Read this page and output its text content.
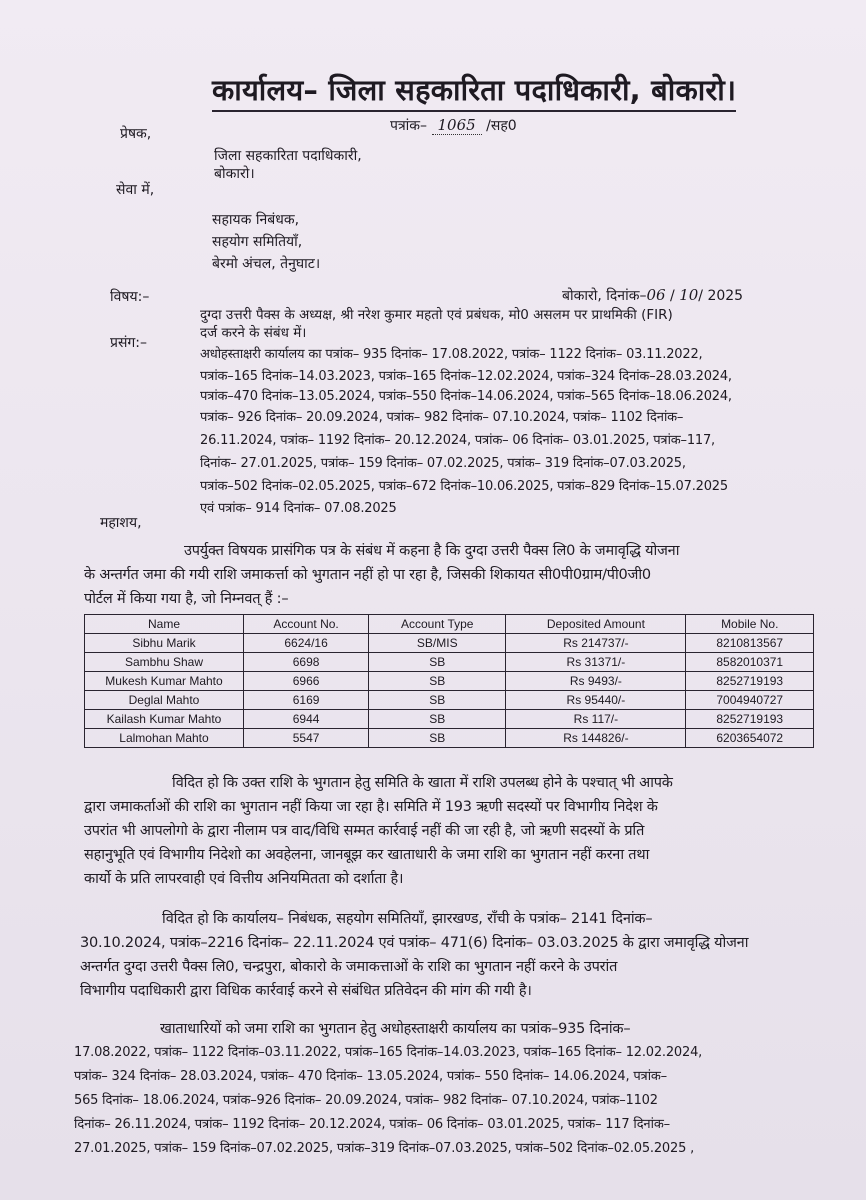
कार्यालय– जिला सहकारिता पदाधिकारी, बोकारो।
पत्रांक– 1065 /सह0
प्रेषक,
जिला सहकारिता पदाधिकारी,
बोकारो।
सेवा में,
सहायक निबंधक,
सहयोग समितियाँ,
बेरमो अंचल, तेनुघाट।
बोकारो, दिनांक–06 / 10/ 2025
विषय:–
दुग्दा उत्तरी पैक्स के अध्यक्ष, श्री नरेश कुमार महतो एवं प्रबंधक, मो0 असलम पर प्राथमिकी (FIR)
दर्ज करने के संबंध में।
प्रसंग:–
अधोहस्ताक्षरी कार्यालय का पत्रांक– 935 दिनांक– 17.08.2022, पत्रांक– 1122 दिनांक– 03.11.2022,
पत्रांक–165 दिनांक–14.03.2023, पत्रांक–165 दिनांक–12.02.2024, पत्रांक–324 दिनांक–28.03.2024,
पत्रांक–470 दिनांक–13.05.2024, पत्रांक–550 दिनांक–14.06.2024, पत्रांक–565 दिनांक–18.06.2024,
पत्रांक– 926 दिनांक– 20.09.2024, पत्रांक– 982 दिनांक– 07.10.2024, पत्रांक– 1102 दिनांक–
26.11.2024, पत्रांक– 1192 दिनांक– 20.12.2024, पत्रांक– 06 दिनांक– 03.01.2025, पत्रांक–117,
दिनांक– 27.01.2025, पत्रांक– 159 दिनांक– 07.02.2025, पत्रांक– 319 दिनांक–07.03.2025,
पत्रांक–502 दिनांक–02.05.2025, पत्रांक–672 दिनांक–10.06.2025, पत्रांक–829 दिनांक–15.07.2025
एवं पत्रांक– 914 दिनांक– 07.08.2025
महाशय,
उपर्युक्त विषयक प्रासंगिक पत्र के संबंध में कहना है कि दुग्दा उत्तरी पैक्स लि0 के जमावृद्धि योजना
के अन्तर्गत जमा की गयी राशि जमाकर्त्ता को भुगतान नहीं हो पा रहा है, जिसकी शिकायत सी0पी0ग्राम/पी0जी0
पोर्टल में किया गया है, जो निम्नवत् हैं :–
Name	Account No.	Account Type	Deposited Amount	Mobile No.
Sibhu Marik	6624/16	SB/MIS	Rs 214737/-	8210813567
Sambhu Shaw	6698	SB	Rs 31371/-	8582010371
Mukesh Kumar Mahto	6966	SB	Rs 9493/-	8252719193
Deglal Mahto	6169	SB	Rs 95440/-	7004940727
Kailash Kumar Mahto	6944	SB	Rs 117/-	8252719193
Lalmohan Mahto	5547	SB	Rs 144826/-	6203654072
विदित हो कि उक्त राशि के भुगतान हेतु समिति के खाता में राशि उपलब्ध होने के पश्चात् भी आपके
द्वारा जमाकर्ताओं की राशि का भुगतान नहीं किया जा रहा है। समिति में 193 ऋणी सदस्यों पर विभागीय निदेश के
उपरांत भी आपलोगो के द्वारा नीलाम पत्र वाद/विधि सम्मत कार्रवाई नहीं की जा रही है, जो ऋणी सदस्यों के प्रति
सहानुभूति एवं विभागीय निदेशो का अवहेलना, जानबूझ कर खाताधारी के जमा राशि का भुगतान नहीं करना तथा
कार्यो के प्रति लापरवाही एवं वित्तीय अनियमितता को दर्शाता है।
विदित हो कि कार्यालय– निबंधक, सहयोग समितियाँ, झारखण्ड, राँची के पत्रांक– 2141 दिनांक–
30.10.2024, पत्रांक–2216 दिनांक– 22.11.2024 एवं पत्रांक– 471(6) दिनांक– 03.03.2025 के द्वारा जमावृद्धि योजना
अन्तर्गत दुग्दा उत्तरी पैक्स लि0, चन्द्रपुरा, बोकारो के जमाकत्ताओं के राशि का भुगतान नहीं करने के उपरांत
विभागीय पदाधिकारी द्वारा विधिक कार्रवाई करने से संबंधित प्रतिवेदन की मांग की गयी है।
खाताधारियों को जमा राशि का भुगतान हेतु अधोहस्ताक्षरी कार्यालय का पत्रांक–935 दिनांक–
17.08.2022, पत्रांक– 1122 दिनांक–03.11.2022, पत्रांक–165 दिनांक–14.03.2023, पत्रांक–165 दिनांक– 12.02.2024,
पत्रांक– 324 दिनांक– 28.03.2024, पत्रांक– 470 दिनांक– 13.05.2024, पत्रांक– 550 दिनांक– 14.06.2024, पत्रांक–
565 दिनांक– 18.06.2024, पत्रांक–926 दिनांक– 20.09.2024, पत्रांक– 982 दिनांक– 07.10.2024, पत्रांक–1102
दिनांक– 26.11.2024, पत्रांक– 1192 दिनांक– 20.12.2024, पत्रांक– 06 दिनांक– 03.01.2025, पत्रांक– 117 दिनांक–
27.01.2025, पत्रांक– 159 दिनांक–07.02.2025, पत्रांक–319 दिनांक–07.03.2025, पत्रांक–502 दिनांक–02.05.2025 ,
